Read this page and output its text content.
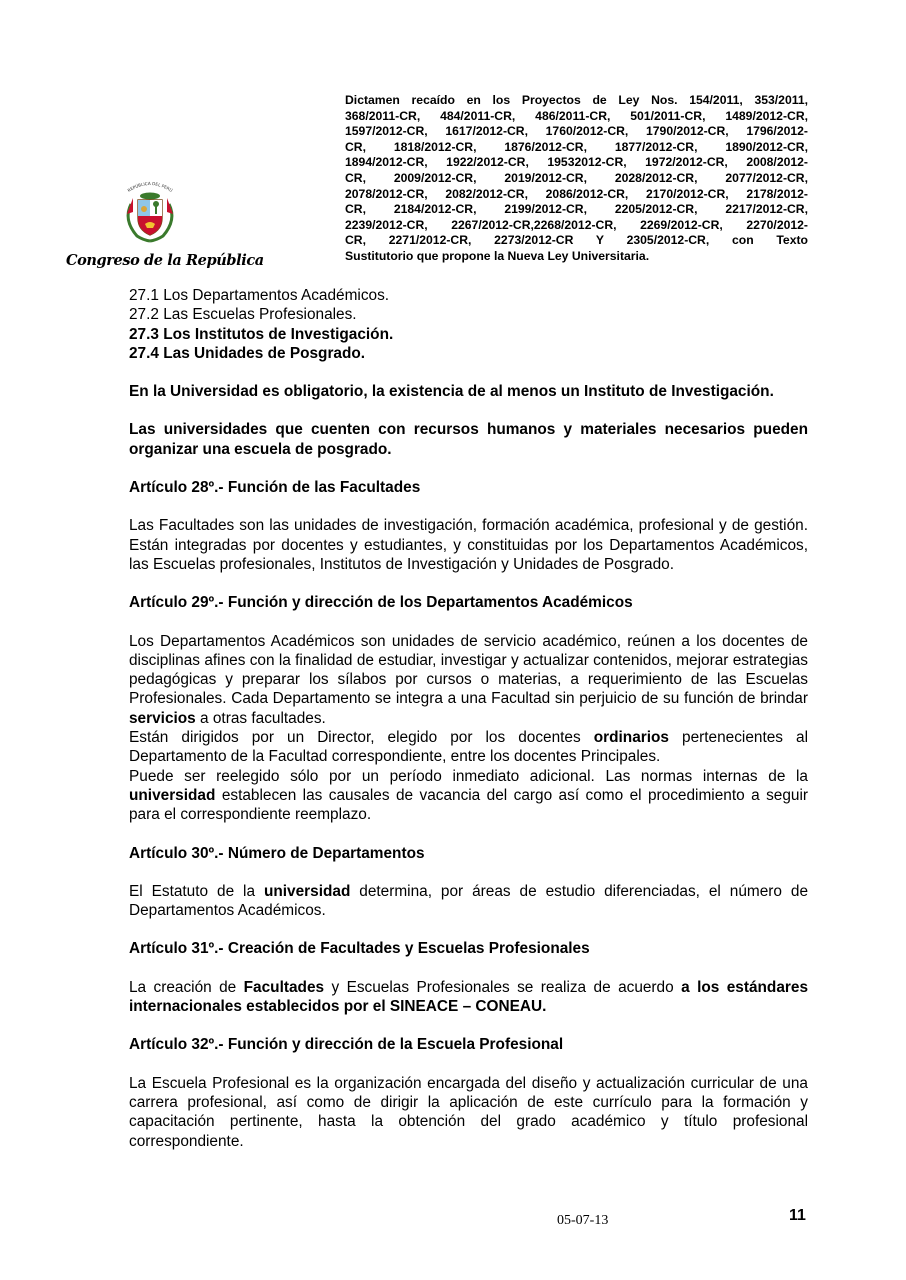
Dictamen recaído en los Proyectos de Ley Nos. 154/2011, 353/2011,
368/2011-CR, 484/2011-CR, 486/2011-CR, 501/2011-CR, 1489/2012-CR,
1597/2012-CR, 1617/2012-CR, 1760/2012-CR, 1790/2012-CR, 1796/2012-
CR, 1818/2012-CR, 1876/2012-CR, 1877/2012-CR, 1890/2012-CR,
1894/2012-CR, 1922/2012-CR, 19532012-CR, 1972/2012-CR, 2008/2012-
CR, 2009/2012-CR, 2019/2012-CR, 2028/2012-CR, 2077/2012-CR,
2078/2012-CR, 2082/2012-CR, 2086/2012-CR, 2170/2012-CR, 2178/2012-
CR, 2184/2012-CR, 2199/2012-CR, 2205/2012-CR, 2217/2012-CR,
2239/2012-CR, 2267/2012-CR,2268/2012-CR, 2269/2012-CR, 2270/2012-
CR, 2271/2012-CR, 2273/2012-CR Y 2305/2012-CR, con Texto
Sustitutorio que propone la Nueva Ley Universitaria.
REPÚBLICA DEL PERÚ
Congreso de la República

27.1 Los Departamentos Académicos.

27.2 Las Escuelas Profesionales.

27.3 Los Institutos de Investigación.

27.4 Las Unidades de Posgrado.

En la Universidad es obligatorio, la existencia de al menos un Instituto de Investigación.

Las universidades que cuenten con recursos humanos y materiales necesarios pueden organizar una escuela de posgrado.

Artículo 28º.- Función de las Facultades

Las Facultades son las unidades de investigación, formación académica, profesional y de gestión. Están integradas por docentes y estudiantes, y constituidas por los Departamentos Académicos, las Escuelas profesionales, Institutos de Investigación y Unidades de Posgrado.

Artículo 29º.- Función y dirección de los Departamentos Académicos

Los Departamentos Académicos son unidades de servicio académico, reúnen a los docentes de disciplinas afines con la finalidad de estudiar, investigar y actualizar contenidos, mejorar estrategias pedagógicas y preparar los sílabos por cursos o materias, a requerimiento de las Escuelas Profesionales. Cada Departamento se integra a una Facultad sin perjuicio de su función de brindar servicios a otras facultades.

Están dirigidos por un Director, elegido por los docentes ordinarios pertenecientes al Departamento de la Facultad correspondiente, entre los docentes Principales.

Puede ser reelegido sólo por un período inmediato adicional. Las normas internas de la universidad establecen las causales de vacancia del cargo así como el procedimiento a seguir para el correspondiente reemplazo.

Artículo 30º.- Número de Departamentos

El Estatuto de la universidad determina, por áreas de estudio diferenciadas, el número de Departamentos Académicos.

Artículo 31º.- Creación de Facultades y Escuelas Profesionales

La creación de Facultades y Escuelas Profesionales se realiza de acuerdo a los estándares internacionales establecidos por el SINEACE – CONEAU.

Artículo 32º.- Función y dirección de la Escuela Profesional

La Escuela Profesional es la organización encargada del diseño y actualización curricular de una carrera profesional, así como de dirigir la aplicación de este currículo para la formación y capacitación pertinente, hasta la obtención del grado académico y título profesional correspondiente.

05-07-13	11
